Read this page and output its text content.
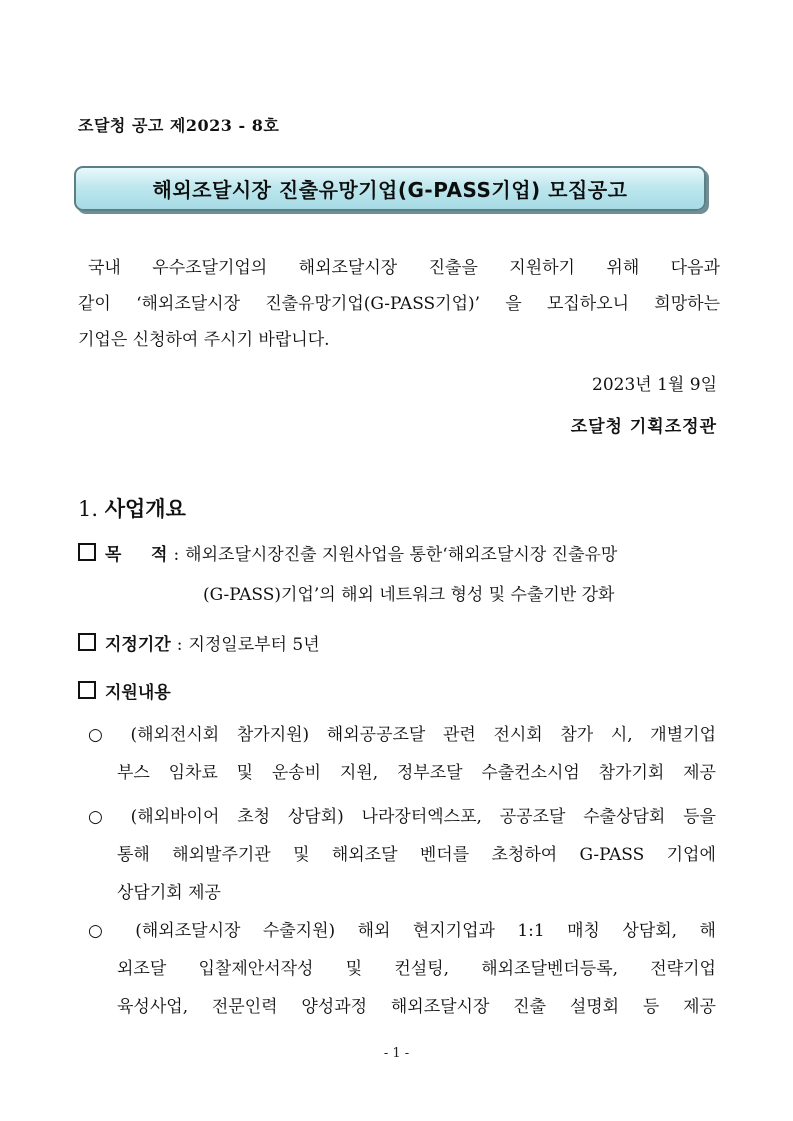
조달청 공고 제2023 - 8호
해외조달시장 진출유망기업(G-PASS기업) 모집공고
국내 우수조달기업의 해외조달시장 진출을 지원하기 위해 다음과
같이 ‘해외조달시장 진출유망기업(G-PASS기업)’ 을 모집하오니 희망하는
기업은 신청하여 주시기 바랍니다.
2023년 1월 9일
조달청 기획조정관
1. 사업개요
목     적 : 해외조달시장진출 지원사업을 통한‘해외조달시장 진출유망
(G-PASS)기업’의 해외 네트워크 형성 및 수출기반 강화
지정기간 : 지정일로부터 5년
지원내용
○ (해외전시회 참가지원) 해외공공조달 관련 전시회 참가 시, 개별기업
부스 임차료 및 운송비 지원, 정부조달 수출컨소시엄 참가기회 제공
○ (해외바이어 초청 상담회) 나라장터엑스포, 공공조달 수출상담회 등을
통해 해외발주기관 및 해외조달 벤더를 초청하여 G-PASS 기업에
상담기회 제공
○ (해외조달시장 수출지원) 해외 현지기업과 1:1 매칭 상담회, 해
외조달 입찰제안서작성 및 컨설팅, 해외조달벤더등록, 전략기업
육성사업, 전문인력 양성과정 해외조달시장 진출 설명회 등 제공
- 1 -
